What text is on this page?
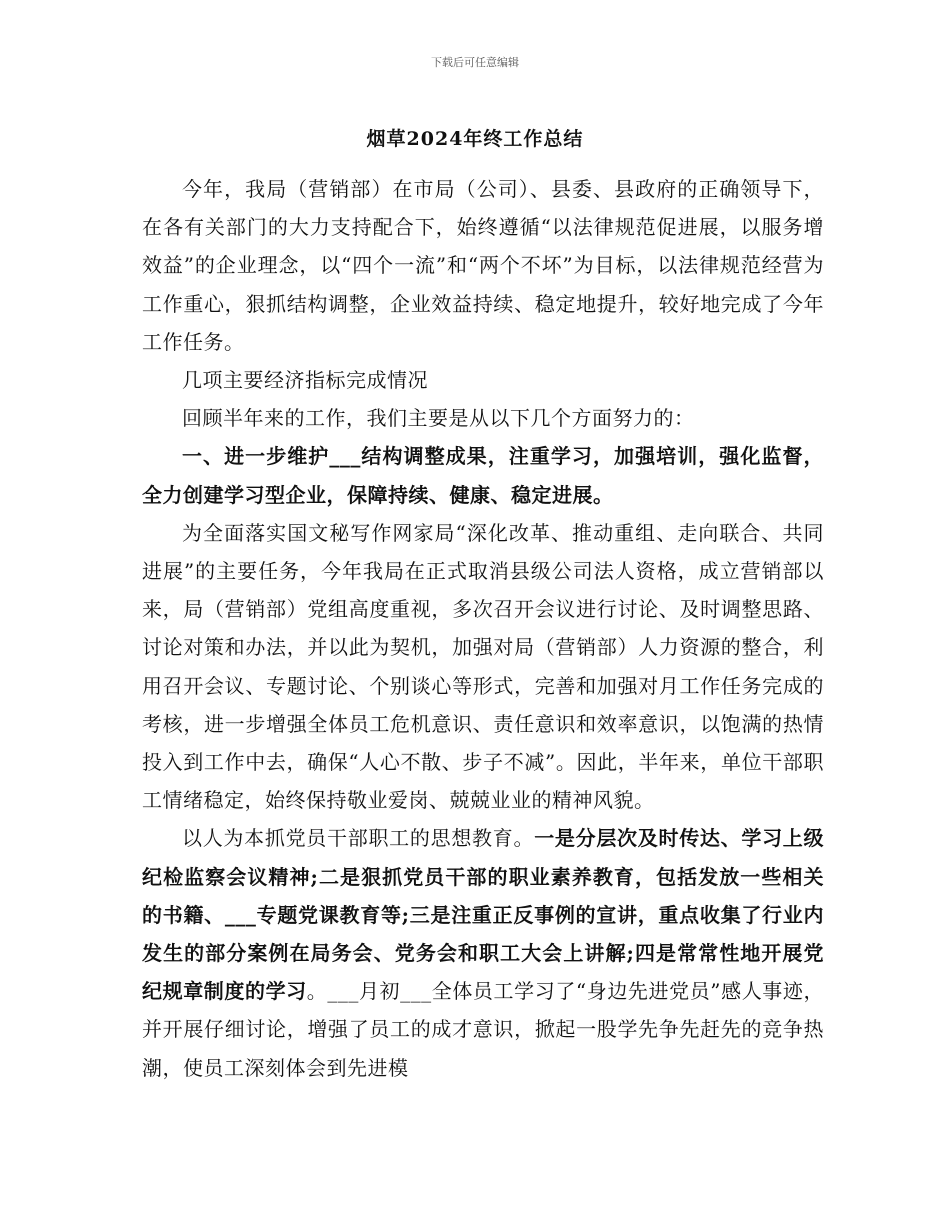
下载后可任意编辑
烟草2024年终工作总结

今年，我局（营销部）在市局（公司）、县委、县政府的正确领导下，在各有关部门的大力支持配合下，始终遵循“以法律规范促进展，以服务增效益”的企业理念，以“四个一流”和“两个不坏”为目标，以法律规范经营为工作重心，狠抓结构调整，企业效益持续、稳定地提升，较好地完成了今年工作任务。

几项主要经济指标完成情况

回顾半年来的工作，我们主要是从以下几个方面努力的：

一、进一步维护___结构调整成果，注重学习，加强培训，强化监督，全力创建学习型企业，保障持续、健康、稳定进展。

为全面落实国文秘写作网家局“深化改革、推动重组、走向联合、共同进展”的主要任务，今年我局在正式取消县级公司法人资格，成立营销部以来，局（营销部）党组高度重视，多次召开会议进行讨论、及时调整思路、讨论对策和办法，并以此为契机，加强对局（营销部）人力资源的整合，利用召开会议、专题讨论、个别谈心等形式，完善和加强对月工作任务完成的考核，进一步增强全体员工危机意识、责任意识和效率意识，以饱满的热情投入到工作中去，确保“人心不散、步子不减”。因此，半年来，单位干部职工情绪稳定，始终保持敬业爱岗、兢兢业业的精神风貌。

以人为本抓党员干部职工的思想教育。一是分层次及时传达、学习上级纪检监察会议精神;二是狠抓党员干部的职业素养教育，包括发放一些相关的书籍、___专题党课教育等;三是注重正反事例的宣讲，重点收集了行业内发生的部分案例在局务会、党务会和职工大会上讲解;四是常常性地开展党纪规章制度的学习。___月初___全体员工学习了“身边先进党员”感人事迹，并开展仔细讨论，增强了员工的成才意识，掀起一股学先争先赶先的竞争热潮，使员工深刻体会到先进模
